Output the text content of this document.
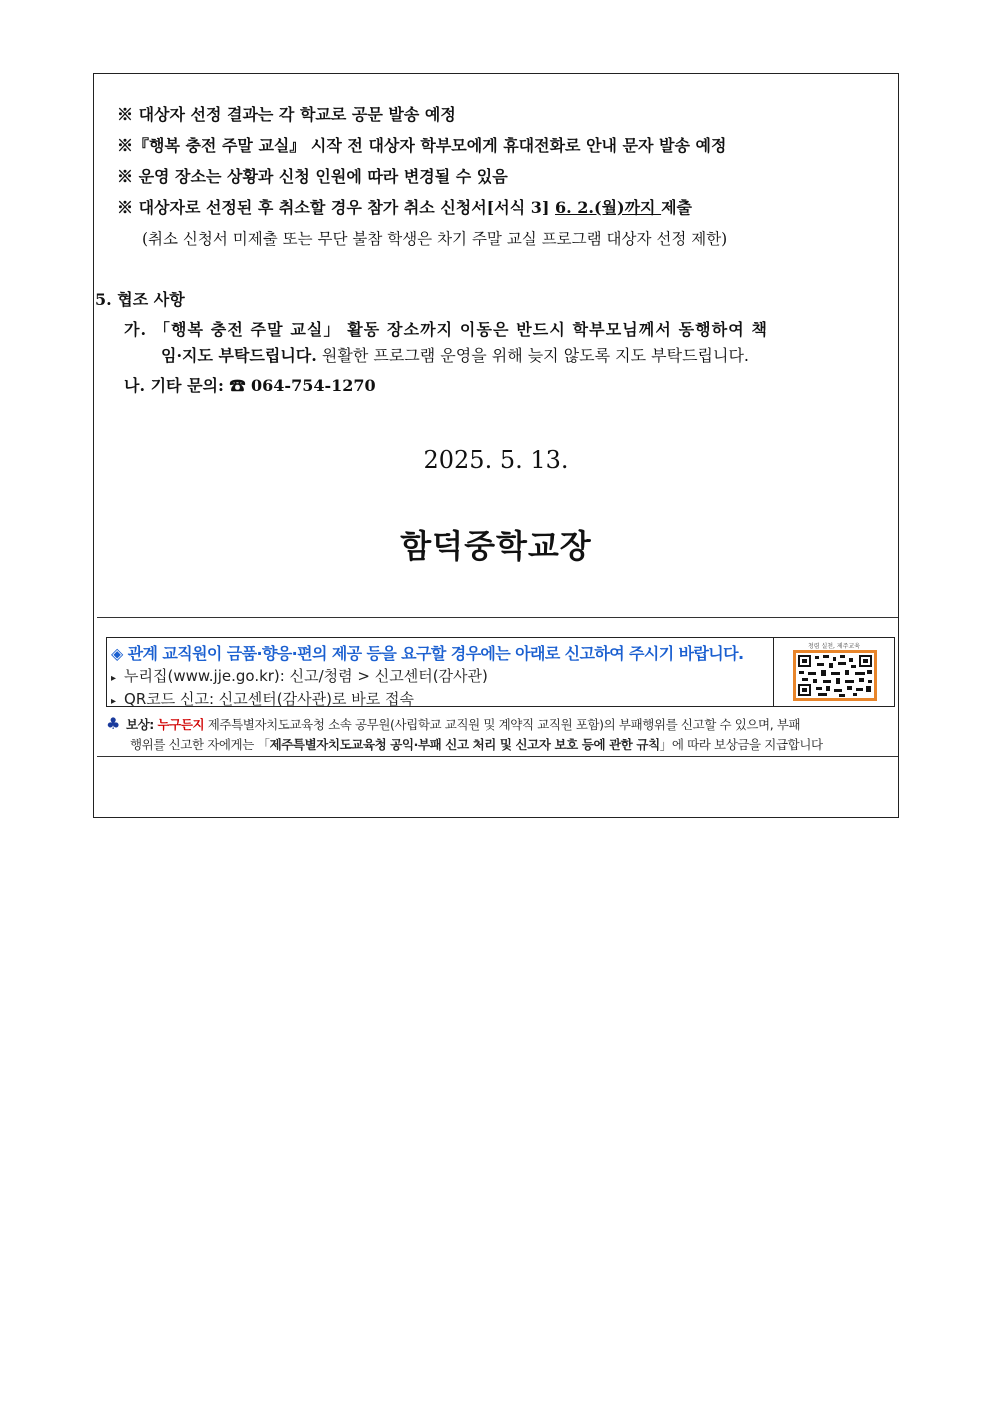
※ 대상자 선정 결과는 각 학교로 공문 발송 예정
※『행복 충전 주말 교실』 시작 전 대상자 학부모에게 휴대전화로 안내 문자 발송 예정
※ 운영 장소는 상황과 신청 인원에 따라 변경될 수 있음
※ 대상자로 선정된 후 취소할 경우 참가 취소 신청서[서식 3] 6. 2.(월)까지 제출
(취소 신청서 미제출 또는 무단 불참 학생은 차기 주말 교실 프로그램 대상자 선정 제한)
5. 협조 사항
가. 「행복 충전 주말 교실」 활동 장소까지 이동은 반드시 학부모님께서 동행하여 책
임·지도 부탁드립니다. 원활한 프로그램 운영을 위해 늦지 않도록 지도 부탁드립니다.
나. 기타 문의: ☎ 064-754-1270
2025. 5. 13.
함덕중학교장
◈ 관계 교직원이 금품·향응·편의 제공 등을 요구할 경우에는 아래로 신고하여 주시기 바랍니다.
▸ 누리집(www.jje.go.kr): 신고/청렴 > 신고센터(감사관)
▸ QR코드 신고: 신고센터(감사관)로 바로 접속
청렴 실천, 제주교육
♣ 보상: 누구든지 제주특별자치도교육청 소속 공무원(사립학교 교직원 및 계약직 교직원 포함)의 부패행위를 신고할 수 있으며, 부패
행위를 신고한 자에게는 「제주특별자치도교육청 공익·부패 신고 처리 및 신고자 보호 등에 관한 규칙」에 따라 보상금을 지급합니다
